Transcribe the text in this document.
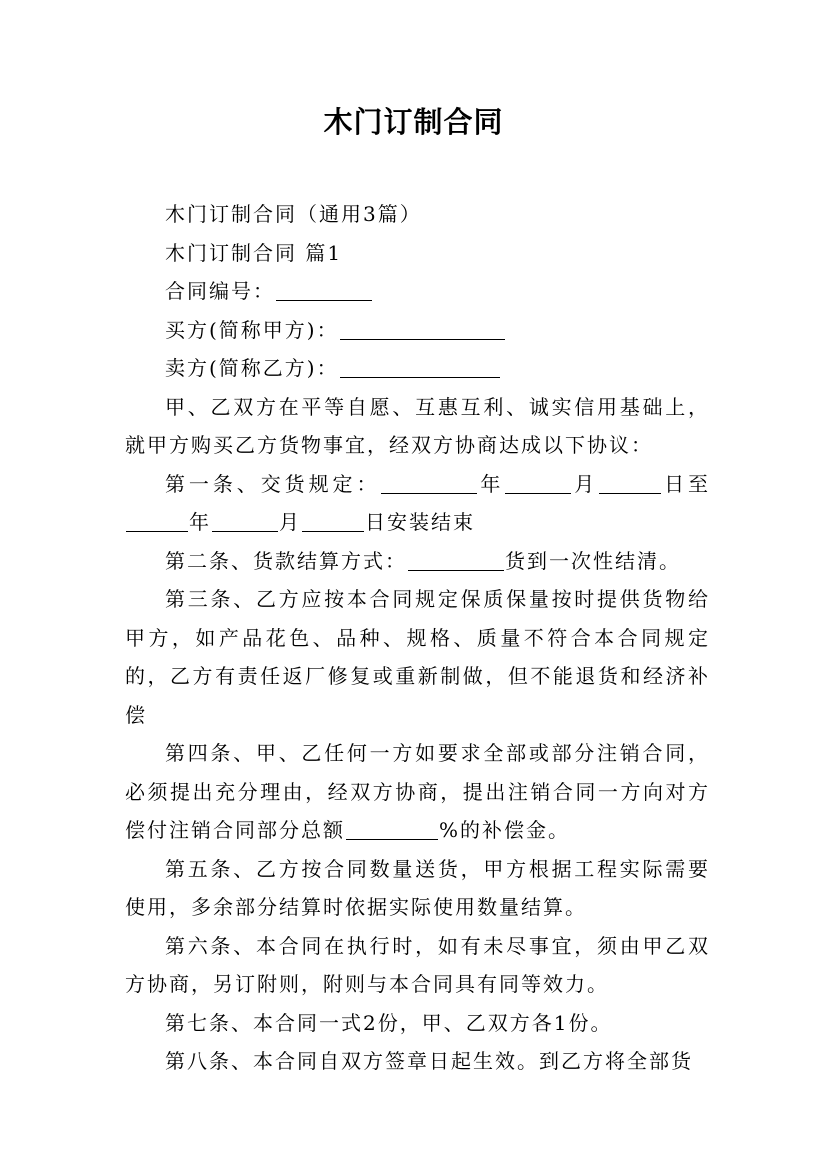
木门订制合同

木门订制合同（通用3篇）

木门订制合同 篇1

合同编号：

买方(简称甲方)：

卖方(简称乙方)：

甲、乙双方在平等自愿、互惠互利、诚实信用基础上，就甲方购买乙方货物事宜，经双方协商达成以下协议：

第一条、交货规定：	年	月	日至年	月	日安装结束

第二条、货款结算方式：	货到一次性结清。

第三条、乙方应按本合同规定保质保量按时提供货物给甲方，如产品花色、品种、规格、质量不符合本合同规定的，乙方有责任返厂修复或重新制做，但不能退货和经济补偿

第四条、甲、乙任何一方如要求全部或部分注销合同，必须提出充分理由，经双方协商，提出注销合同一方向对方偿付注销合同部分总额	%的补偿金。

第五条、乙方按合同数量送货，甲方根据工程实际需要使用，多余部分结算时依据实际使用数量结算。

第六条、本合同在执行时，如有未尽事宜，须由甲乙双方协商，另订附则，附则与本合同具有同等效力。

第七条、本合同一式2份，甲、乙双方各1份。

第八条、本合同自双方签章日起生效。到乙方将全部货
